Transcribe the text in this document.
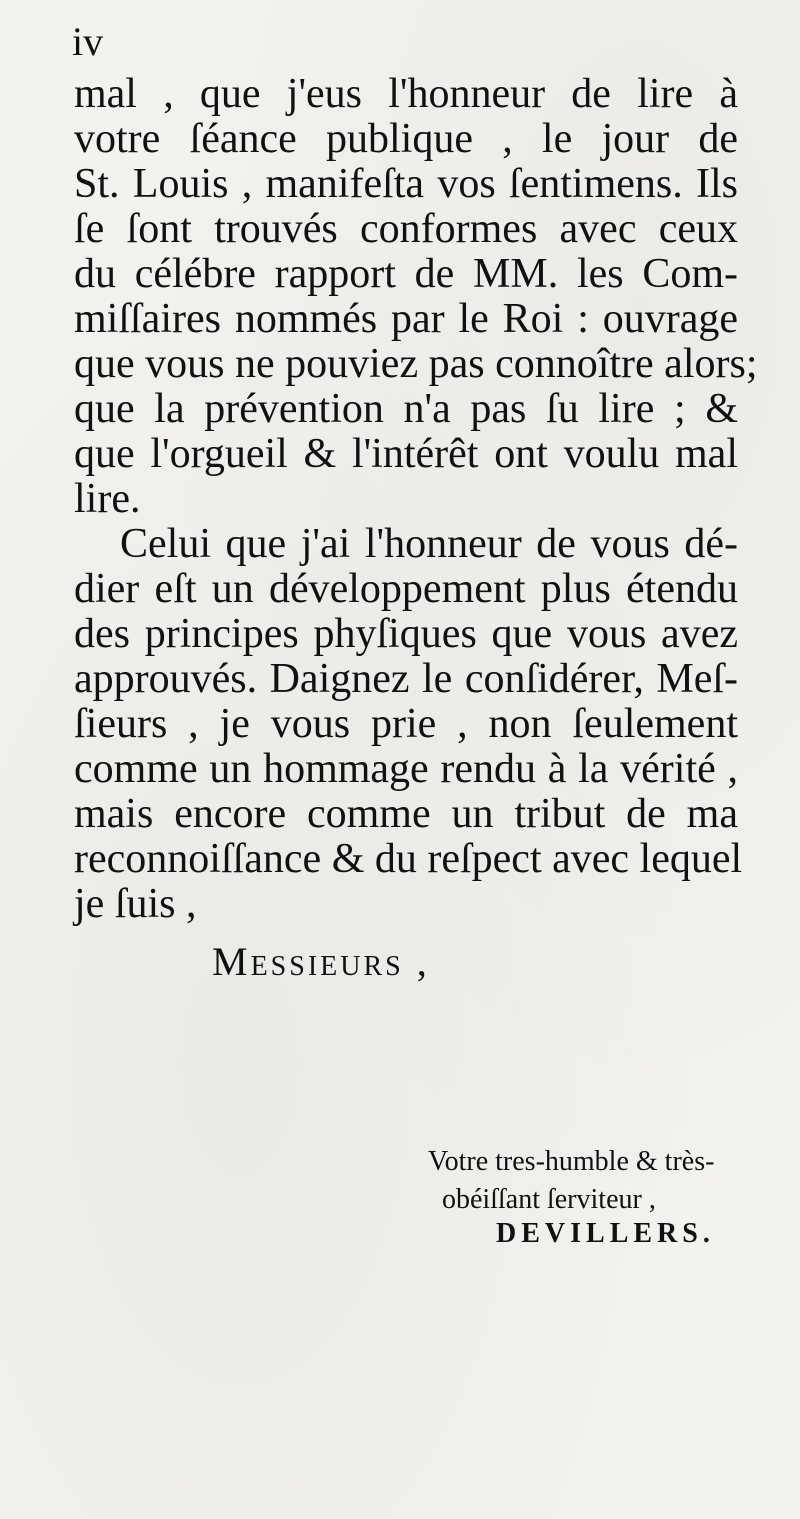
iv
mal , que j'eus l'honneur de lire à
votre ſéance publique , le jour de
St. Louis , manifeſta vos ſentimens. Ils
ſe ſont trouvés conformes avec ceux
du célébre rapport de MM. les Com-
miſſaires nommés par le Roi : ouvrage
que vous ne pouviez pas connoître alors;
que la prévention n'a pas ſu lire ; &
que l'orgueil & l'intérêt ont voulu mal
lire.
Celui que j'ai l'honneur de vous dé-
dier eſt un développement plus étendu
des principes phyſiques que vous avez
approuvés. Daignez le conſidérer, Meſ-
ſieurs , je vous prie , non ſeulement
comme un hommage rendu à la vérité ,
mais encore comme un tribut de ma
reconnoiſſance & du reſpect avec lequel
je ſuis ,
Messieurs ,
Votre tres-humble & très-
obéiſſant ſerviteur ,
DEVILLERS.
